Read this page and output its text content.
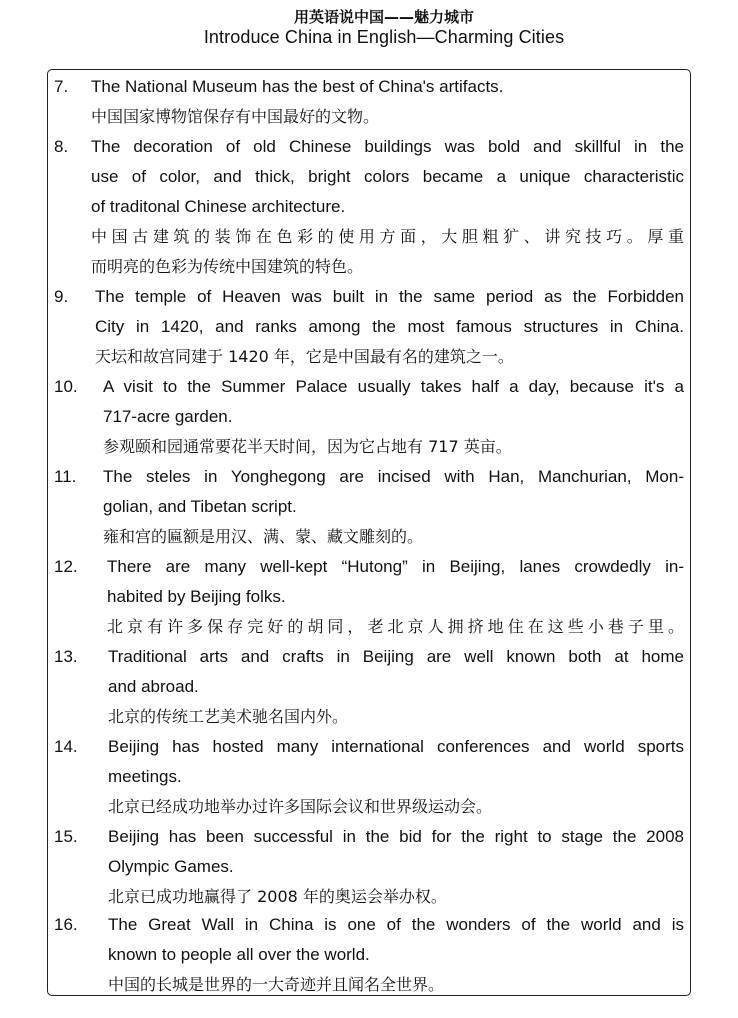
用英语说中国——魅力城市
Introduce China in English—Charming Cities
7. The National Museum has the best of China's artifacts.
中国国家博物馆保存有中国最好的文物。
8. The decoration of old Chinese buildings was bold and skillful in the
use of color, and thick, bright colors became a unique characteristic
of traditonal Chinese architecture.
中国古建筑的装饰在色彩的使用方面，大胆粗犷、讲究技巧。厚重
而明亮的色彩为传统中国建筑的特色。
9. The temple of Heaven was built in the same period as the Forbidden
City in 1420, and ranks among the most famous structures in China.
天坛和故宫同建于 1420 年，它是中国最有名的建筑之一。
10. A visit to the Summer Palace usually takes half a day, because it's a
717-acre garden.
参观颐和园通常要花半天时间，因为它占地有 717 英亩。
11. The steles in Yonghegong are incised with Han, Manchurian, Mon-
golian, and Tibetan script.
雍和宫的匾额是用汉、满、蒙、藏文雕刻的。
12. There are many well-kept “Hutong” in Beijing, lanes crowdedly in-
habited by Beijing folks.
北京有许多保存完好的胡同，老北京人拥挤地住在这些小巷子里。
13. Traditional arts and crafts in Beijing are well known both at home
and abroad.
北京的传统工艺美术驰名国内外。
14. Beijing has hosted many international conferences and world sports
meetings.
北京已经成功地举办过许多国际会议和世界级运动会。
15. Beijing has been successful in the bid for the right to stage the 2008
Olympic Games.
北京已成功地赢得了 2008 年的奥运会举办权。
16. The Great Wall in China is one of the wonders of the world and is
known to people all over the world.
中国的长城是世界的一大奇迹并且闻名全世界。
